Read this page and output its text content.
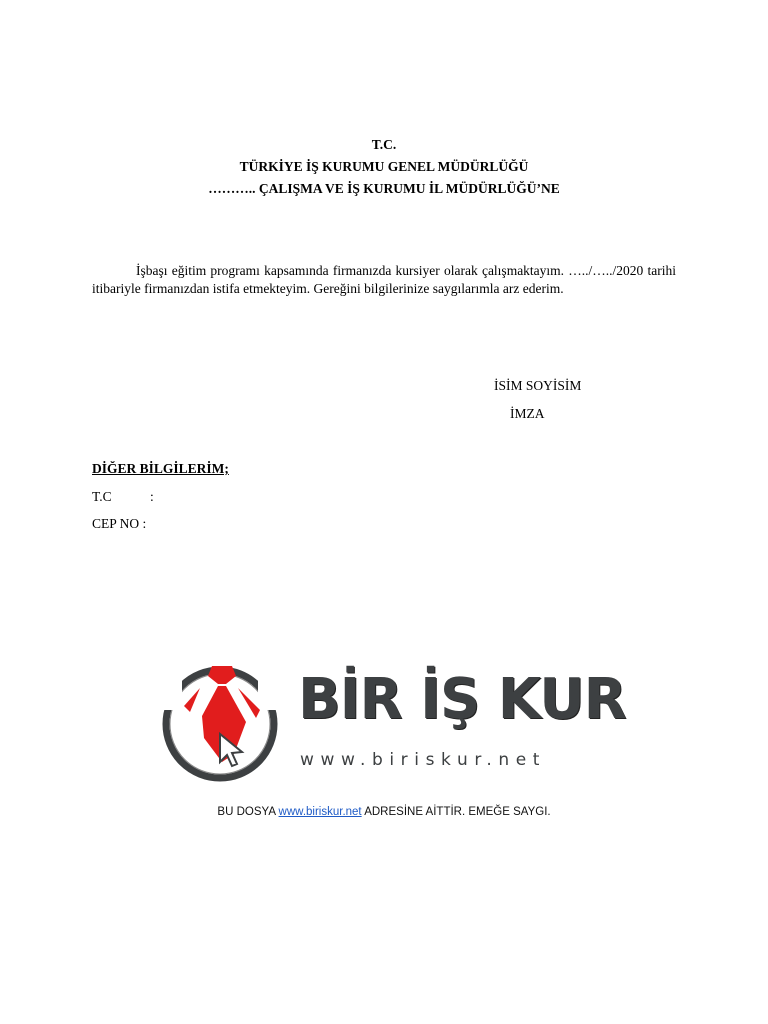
T.C.
TÜRKİYE İŞ KURUMU GENEL MÜDÜRLÜĞÜ
……….. ÇALIŞMA VE İŞ KURUMU İL MÜDÜRLÜĞÜ’NE
İşbaşı eğitim programı kapsamında firmanızda kursiyer olarak çalışmaktayım. …../…../2020 tarihi itibariyle firmanızdan istifa etmekteyim. Gereğini bilgilerinize saygılarımla arz ederim.
İSİM SOYİSİM
İMZA
DİĞER BİLGİLERİM;
T.C	:
CEP NO :
BİR İŞ KUR
www.biriskur.net
BU DOSYA www.biriskur.net ADRESİNE AİTTİR. EMEĞE SAYGI.
